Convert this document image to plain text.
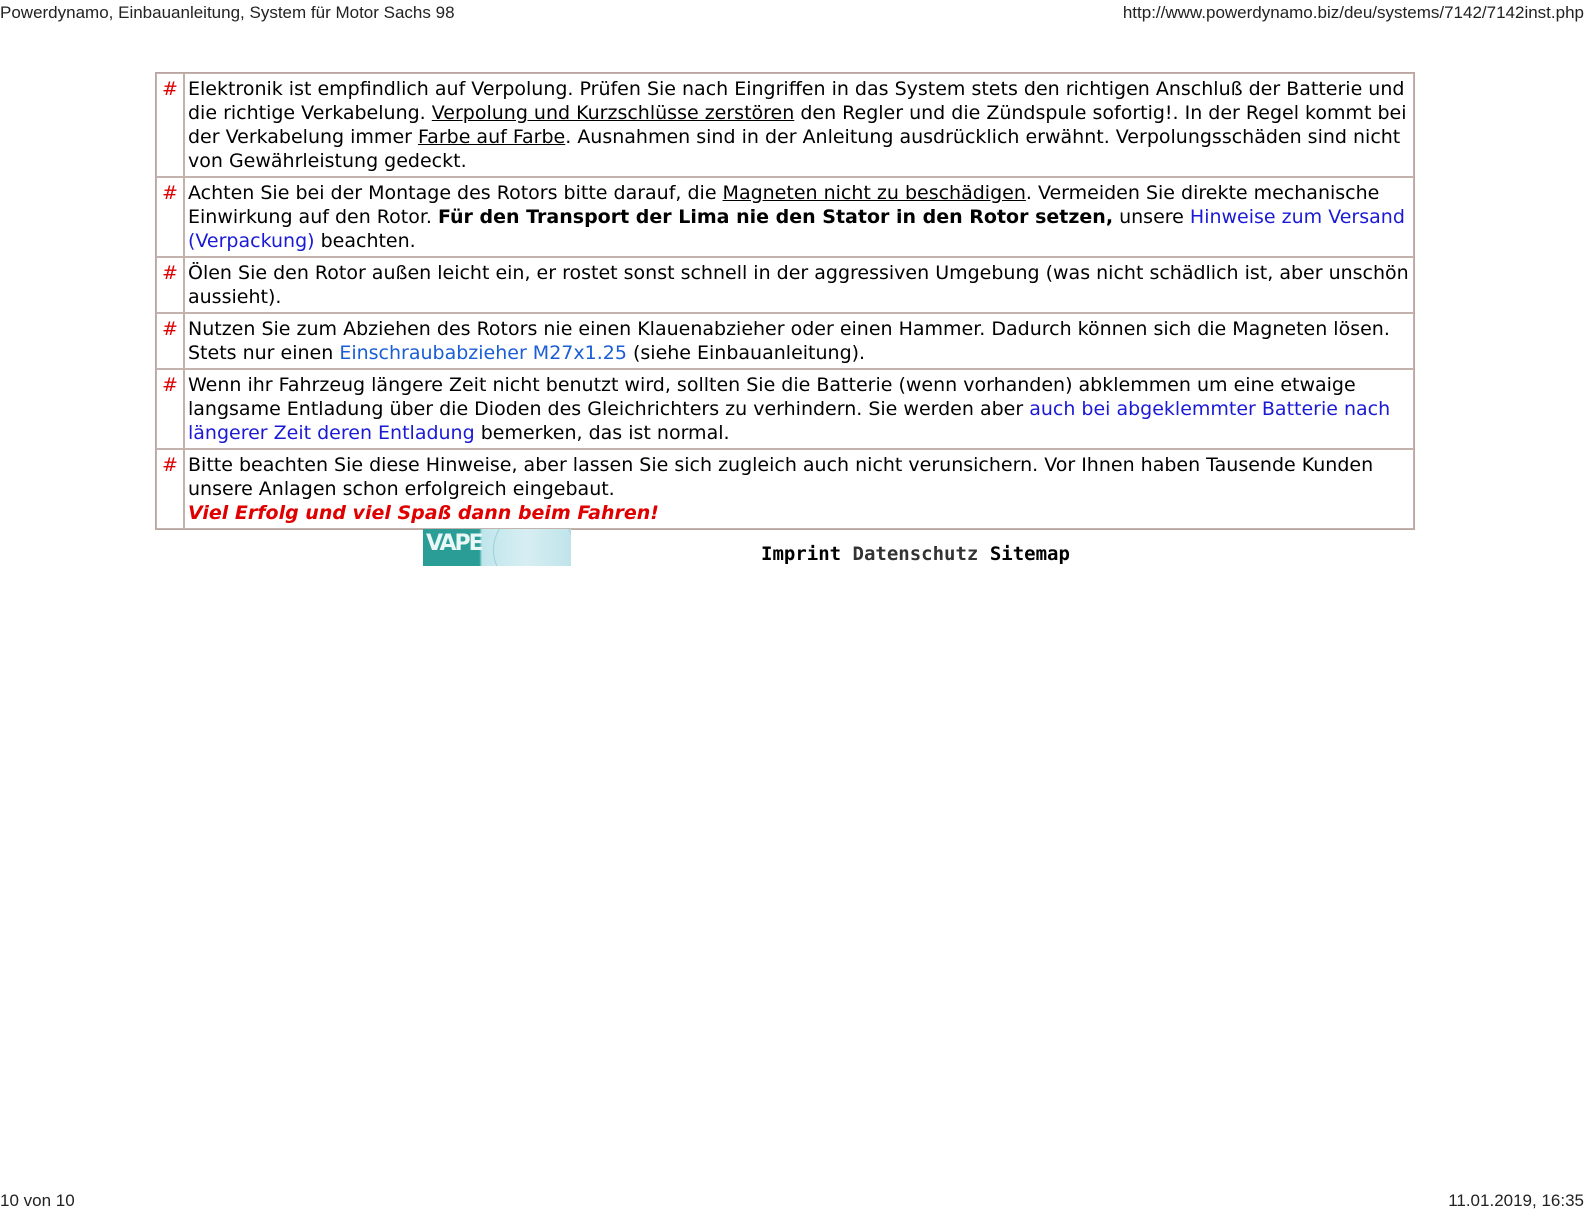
Powerdynamo, Einbauanleitung, System für Motor Sachs 98	http://www.powerdynamo.biz/deu/systems/7142/7142inst.php
#	Elektronik ist empfindlich auf Verpolung. Prüfen Sie nach Eingriffen in das System stets den richtigen Anschluß der Batterie und die richtige Verkabelung. Verpolung und Kurzschlüsse zerstören den Regler und die Zündspule sofortig!. In der Regel kommt bei der Verkabelung immer Farbe auf Farbe. Ausnahmen sind in der Anleitung ausdrücklich erwähnt. Verpolungsschäden sind nicht von Gewährleistung gedeckt.
#	Achten Sie bei der Montage des Rotors bitte darauf, die Magneten nicht zu beschädigen. Vermeiden Sie direkte mechanische Einwirkung auf den Rotor. Für den Transport der Lima nie den Stator in den Rotor setzen, unsere Hinweise zum Versand (Verpackung) beachten.
#	Ölen Sie den Rotor außen leicht ein, er rostet sonst schnell in der aggressiven Umgebung (was nicht schädlich ist, aber unschön aussieht).
#	Nutzen Sie zum Abziehen des Rotors nie einen Klauenabzieher oder einen Hammer. Dadurch können sich die Magneten lösen. Stets nur einen Einschraubabzieher M27x1.25 (siehe Einbauanleitung).
#	Wenn ihr Fahrzeug längere Zeit nicht benutzt wird, sollten Sie die Batterie (wenn vorhanden) abklemmen um eine etwaige langsame Entladung über die Dioden des Gleichrichters zu verhindern. Sie werden aber auch bei abgeklemmter Batterie nach längerer Zeit deren Entladung bemerken, das ist normal.
#	Bitte beachten Sie diese Hinweise, aber lassen Sie sich zugleich auch nicht verunsichern. Vor Ihnen haben Tausende Kunden unsere Anlagen schon erfolgreich eingebaut.
Viel Erfolg und viel Spaß dann beim Fahren!
VAPE	Imprint Datenschutz Sitemap
10 von 10	11.01.2019, 16:35
